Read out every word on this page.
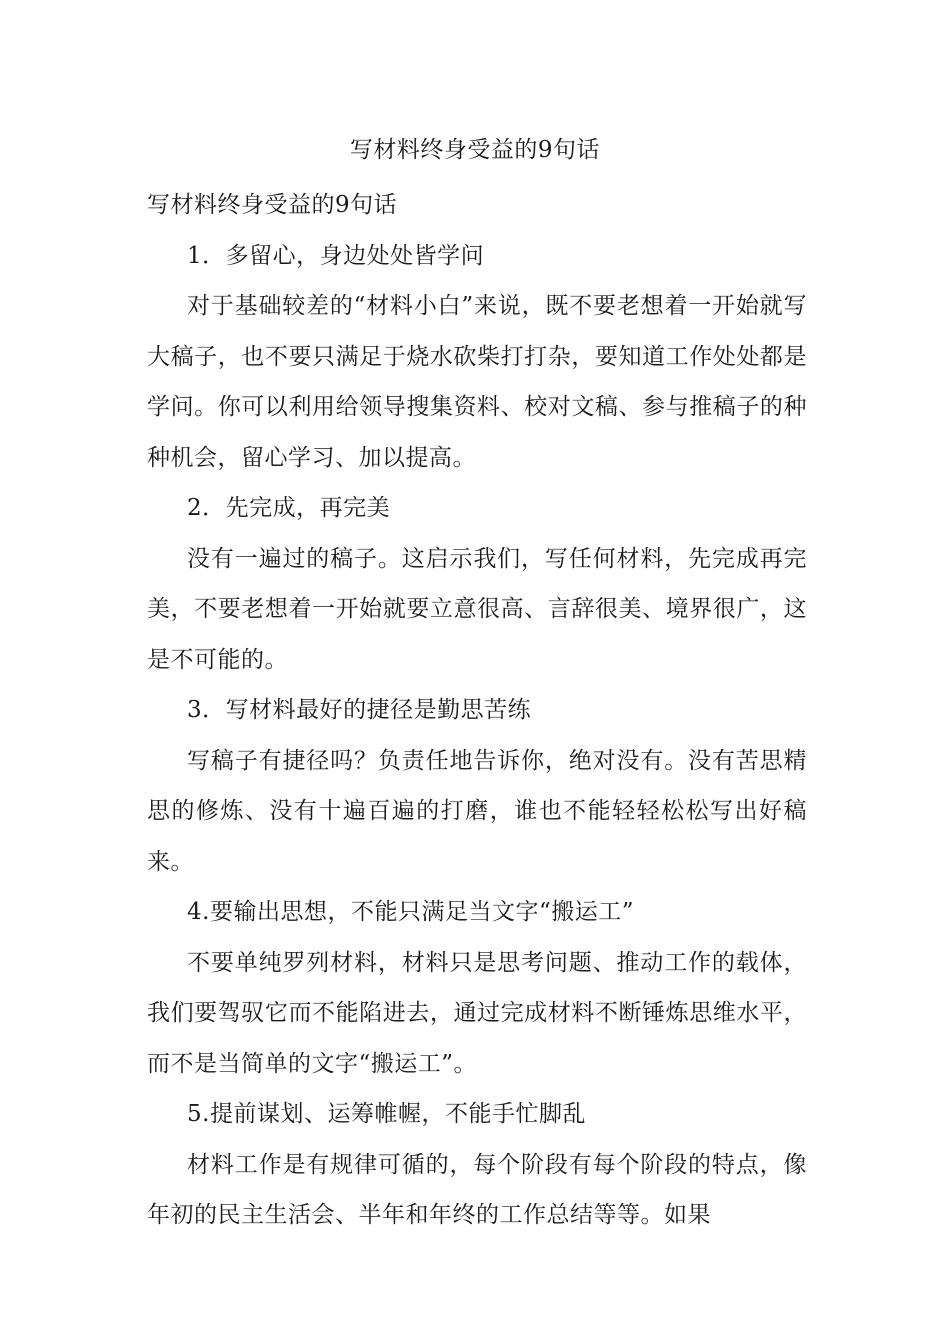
写材料终身受益的9句话

写材料终身受益的9句话

1．多留心，身边处处皆学问

对于基础较差的“材料小白”来说，既不要老想着一开始就写大稿子，也不要只满足于烧水砍柴打打杂，要知道工作处处都是学问。你可以利用给领导搜集资料、校对文稿、参与推稿子的种种机会，留心学习、加以提高。

2．先完成，再完美

没有一遍过的稿子。这启示我们，写任何材料，先完成再完美，不要老想着一开始就要立意很高、言辞很美、境界很广，这是不可能的。

3．写材料最好的捷径是勤思苦练

写稿子有捷径吗？负责任地告诉你，绝对没有。没有苦思精思的修炼、没有十遍百遍的打磨，谁也不能轻轻松松写出好稿来。

4.要输出思想，不能只满足当文字“搬运工”

不要单纯罗列材料，材料只是思考问题、推动工作的载体，我们要驾驭它而不能陷进去，通过完成材料不断锤炼思维水平，而不是当简单的文字“搬运工”。

5.提前谋划、运筹帷幄，不能手忙脚乱

材料工作是有规律可循的，每个阶段有每个阶段的特点，像年初的民主生活会、半年和年终的工作总结等等。如果
